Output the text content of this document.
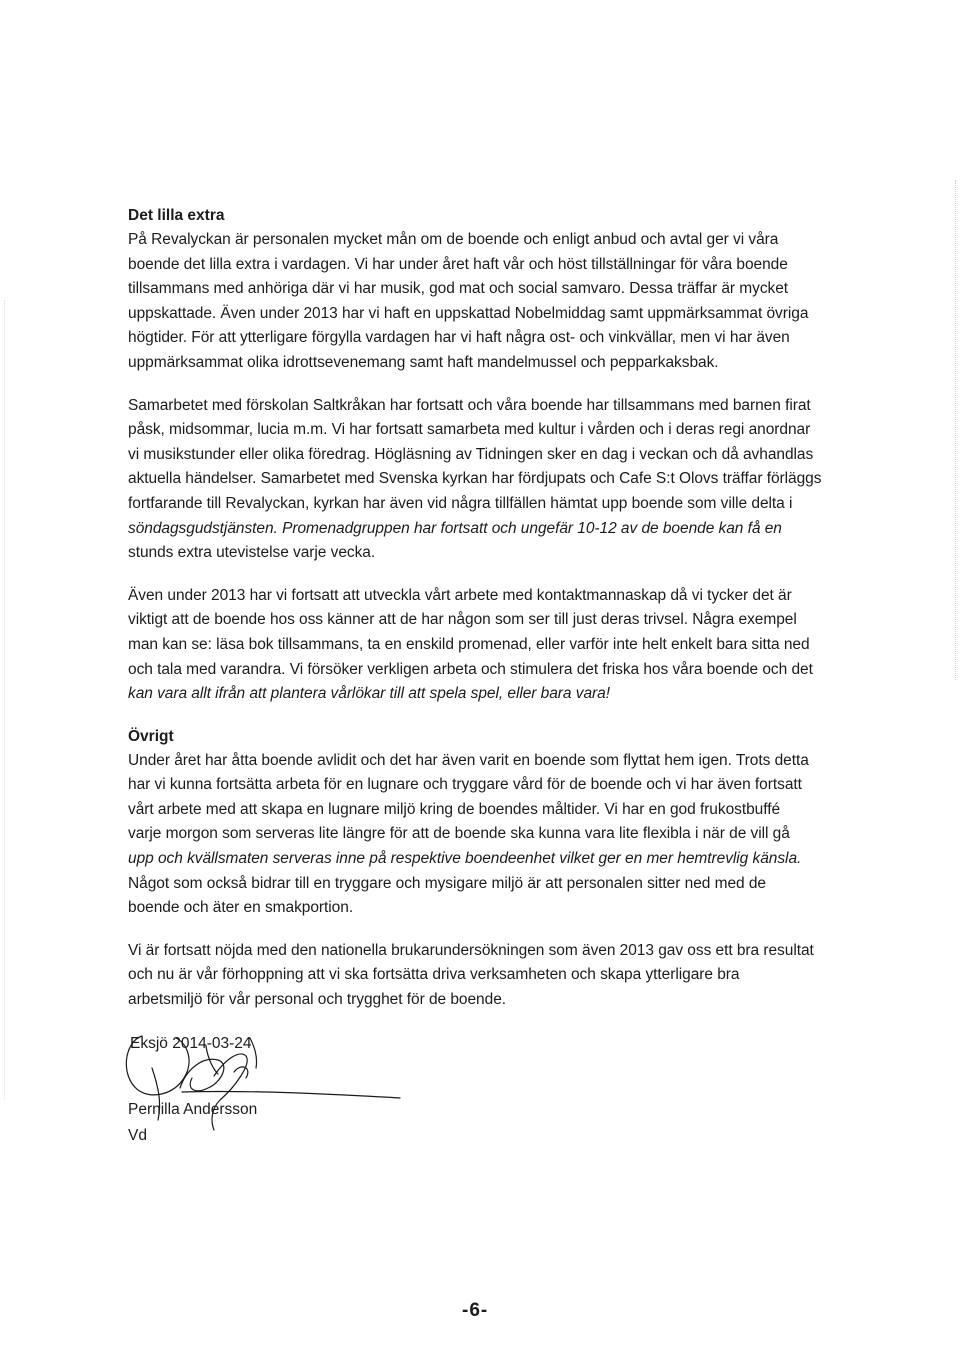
Det lilla extra

På Revalyckan är personalen mycket mån om de boende och enligt anbud och avtal ger vi våra

boende det lilla extra i vardagen. Vi har under året haft vår och höst tillställningar för våra boende

tillsammans med anhöriga där vi har musik, god mat och social samvaro. Dessa träffar är mycket

uppskattade. Även under 2013 har vi haft en uppskattad Nobelmiddag samt uppmärksammat övriga

högtider. För att ytterligare förgylla vardagen har vi haft några ost- och vinkvällar, men vi har även

uppmärksammat olika idrottsevenemang samt haft mandelmussel och pepparkaksbak.

Samarbetet med förskolan Saltkråkan har fortsatt och våra boende har tillsammans med barnen firat

påsk, midsommar, lucia m.m. Vi har fortsatt samarbeta med kultur i vården och i deras regi anordnar

vi musikstunder eller olika föredrag. Högläsning av Tidningen sker en dag i veckan och då avhandlas

aktuella händelser. Samarbetet med Svenska kyrkan har fördjupats och Cafe S:t Olovs träffar förläggs

fortfarande till Revalyckan, kyrkan har även vid några tillfällen hämtat upp boende som ville delta i

söndagsgudstjänsten. Promenadgruppen har fortsatt och ungefär 10-12 av de boende kan få en

stunds extra utevistelse varje vecka.

Även under 2013 har vi fortsatt att utveckla vårt arbete med kontaktmannaskap då vi tycker det är

viktigt att de boende hos oss känner att de har någon som ser till just deras trivsel. Några exempel

man kan se: läsa bok tillsammans, ta en enskild promenad, eller varför inte helt enkelt bara sitta ned

och tala med varandra. Vi försöker verkligen arbeta och stimulera det friska hos våra boende och det

kan vara allt ifrån att plantera vårlökar till att spela spel, eller bara vara!

Övrigt

Under året har åtta boende avlidit och det har även varit en boende som flyttat hem igen. Trots detta

har vi kunna fortsätta arbeta för en lugnare och tryggare vård för de boende och vi har även fortsatt

vårt arbete med att skapa en lugnare miljö kring de boendes måltider. Vi har en god frukostbuffé

varje morgon som serveras lite längre för att de boende ska kunna vara lite flexibla i när de vill gå

upp och kvällsmaten serveras inne på respektive boendeenhet vilket ger en mer hemtrevlig känsla.

Något som också bidrar till en tryggare och mysigare miljö är att personalen sitter ned med de

boende och äter en smakportion.

Vi är fortsatt nöjda med den nationella brukarundersökningen som även 2013 gav oss ett bra resultat

och nu är vår förhoppning att vi ska fortsätta driva verksamheten och skapa ytterligare bra

arbetsmiljö för vår personal och trygghet för de boende.

Eksjö 2014-03-24
Pernilla Andersson
Vd
-6-
